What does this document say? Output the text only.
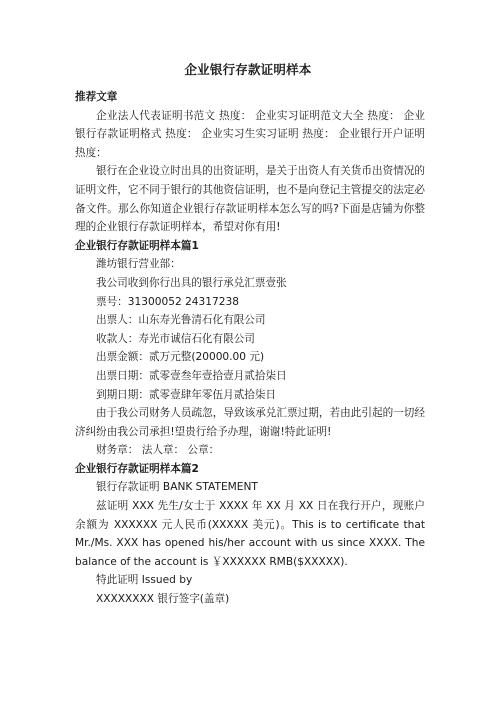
企业银行存款证明样本

推荐文章

企业法人代表证明书范文 热度： 企业实习证明范文大全 热度： 企业银行存款证明格式 热度： 企业实习生实习证明 热度： 企业银行开户证明 热度：

银行在企业设立时出具的出资证明，是关于出资人有关货币出资情况的证明文件，它不同于银行的其他资信证明，也不是向登记主管提交的法定必备文件。那么你知道企业银行存款证明样本怎么写的吗?下面是店铺为你整理的企业银行存款证明样本，希望对你有用!

企业银行存款证明样本篇1

潍坊银行营业部：

我公司收到你行出具的银行承兑汇票壹张

票号：31300052 24317238

出票人：山东寿光鲁清石化有限公司

收款人：寿光市诚信石化有限公司

出票金额：贰万元整(20000.00 元)

出票日期：贰零壹叁年壹拾壹月贰拾柒日

到期日期：贰零壹肆年零伍月贰拾柒日

由于我公司财务人员疏忽，导致该承兑汇票过期，若由此引起的一切经济纠纷由我公司承担!望贵行给予办理，谢谢!特此证明!

财务章： 法人章： 公章：

企业银行存款证明样本篇2

银行存款证明 BANK STATEMENT

兹证明 XXX 先生/女士于 XXXX 年 XX 月 XX 日在我行开户，现账户余额为 XXXXXX 元人民币(XXXXX 美元)。This is to certificate that Mr./Ms. XXX has opened his/her account with us since XXXX. The balance of the account is ￥XXXXXX RMB($XXXXX).

特此证明 Issued by

XXXXXXXX 银行签字(盖章)
